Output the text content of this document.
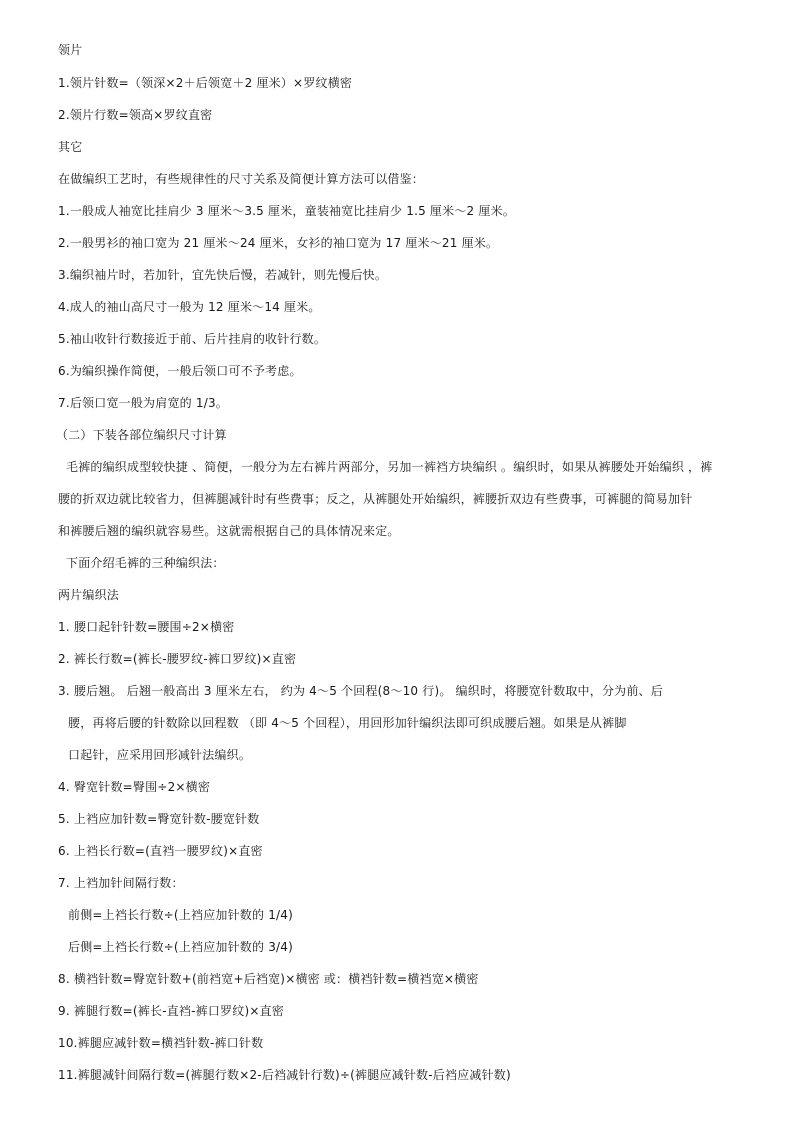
领片
1.领片针数=（领深×2＋后领宽＋2 厘米）×罗纹横密
2.领片行数=领高×罗纹直密
其它
在做编织工艺时，有些规律性的尺寸关系及简便计算方法可以借鉴：
1.一般成人袖宽比挂肩少 3 厘米～3.5 厘米，童装袖宽比挂肩少 1.5 厘米～2 厘米。
2.一般男衫的袖口宽为 21 厘米～24 厘米，女衫的袖口宽为 17 厘米～21 厘米。
3.编织袖片时，若加针，宜先快后慢，若减针，则先慢后快。
4.成人的袖山高尺寸一般为 12 厘米～14 厘米。
5.袖山收针行数接近于前、后片挂肩的收针行数。
6.为编织操作简便，一般后领口可不予考虑。
7.后领口宽一般为肩宽的 1/3。
（二）下装各部位编织尺寸计算
毛裤的编织成型较快捷 、简便，一般分为左右裤片两部分，另加一裤裆方块编织 。编织时，如果从裤腰处开始编织 ，裤
腰的折双边就比较省力，但裤腿减针时有些费事；反之，从裤腿处开始编织，裤腰折双边有些费事，可裤腿的简易加针
和裤腰后翘的编织就容易些。这就需根据自己的具体情况来定。
下面介绍毛裤的三种编织法：
两片编织法
1. 腰口起针针数=腰围÷2×横密
2. 裤长行数=(裤长-腰罗纹-裤口罗纹)×直密
3. 腰后翘。 后翘一般高出 3 厘米左右， 约为 4～5 个回程(8～10 行)。 编织时，将腰宽针数取中，分为前、后
腰，再将后腰的针数除以回程数 （即 4～5 个回程），用回形加针编织法即可织成腰后翘。如果是从裤脚
口起针，应采用回形减针法编织。
4. 臀宽针数=臀围÷2×横密
5. 上裆应加针数=臀宽针数-腰宽针数
6. 上裆长行数=(直裆一腰罗纹)×直密
7. 上裆加针间隔行数：
前侧=上裆长行数÷(上裆应加针数的 1/4)
后侧=上裆长行数÷(上裆应加针数的 3/4)
8. 横裆针数=臀宽针数+(前裆宽+后裆宽)×横密 或：横裆针数=横裆宽×横密
9. 裤腿行数=(裤长-直裆-裤口罗纹)×直密
10.裤腿应减针数=横裆针数-裤口针数
11.裤腿减针间隔行数=(裤腿行数×2-后裆减针行数)÷(裤腿应减针数-后裆应减针数)
